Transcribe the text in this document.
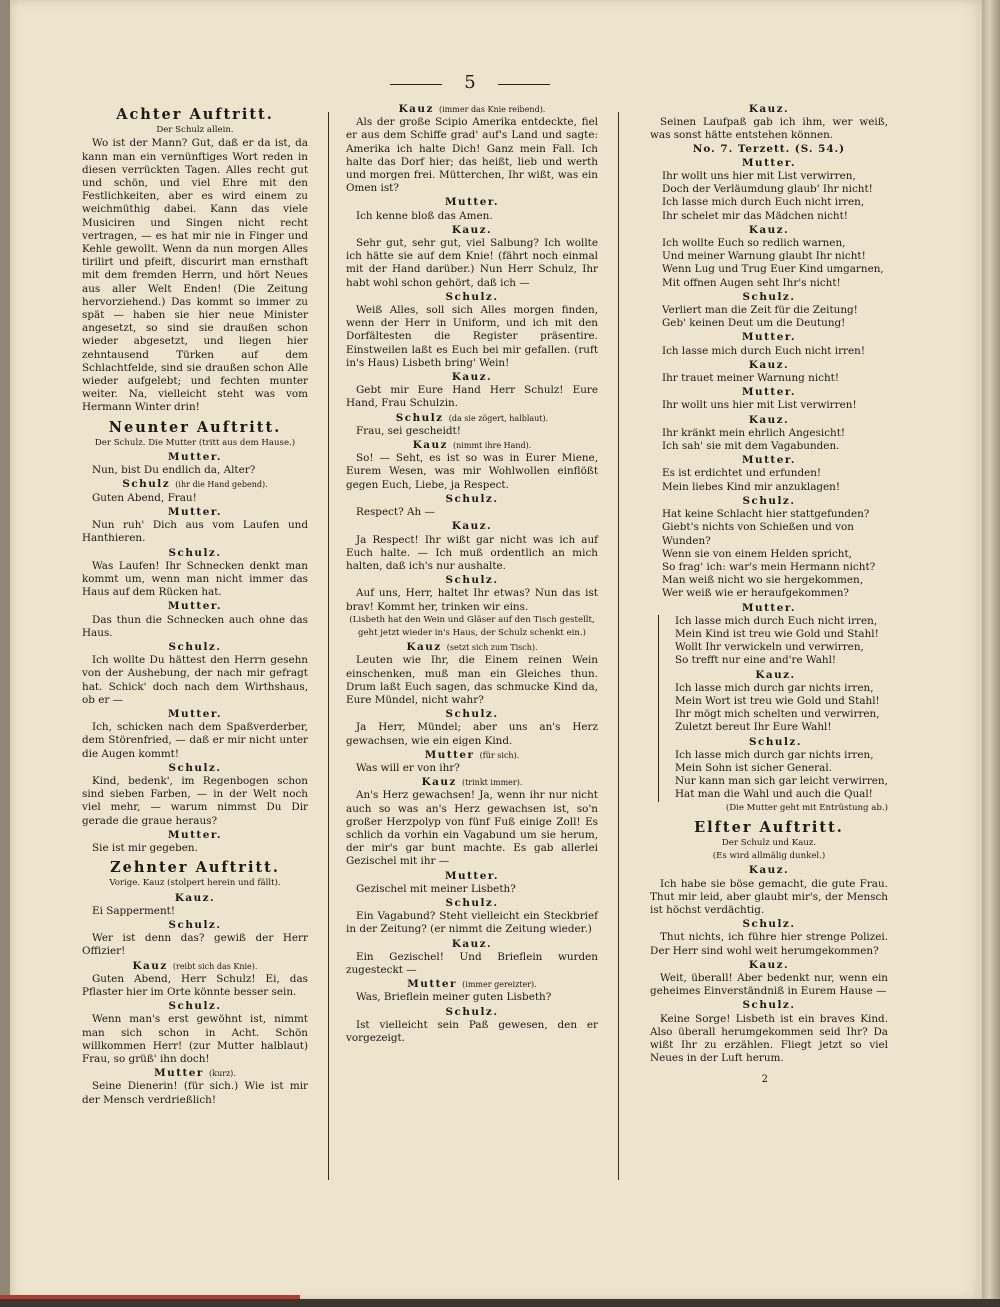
5
Achter Auftritt.
Der Schulz allein.
Wo ist der Mann? Gut, daß er da ist, da kann man ein vernünftiges Wort reden in diesen verrückten Tagen. Alles recht gut und schön, und viel Ehre mit den Festlichkeiten, aber es wird einem zu weichmüthig dabei. Kann das viele Musiciren und Singen nicht recht vertragen, — es hat mir nie in Finger und Kehle gewollt. Wenn da nun morgen Alles tirilirt und pfeift, discurirt man ernsthaft mit dem fremden Herrn, und hört Neues aus aller Welt Enden! (Die Zeitung hervorziehend.) Das kommt so immer zu spät — haben sie hier neue Minister angesetzt, so sind sie draußen schon wieder abgesetzt, und liegen hier zehntausend Türken auf dem Schlachtfelde, sind sie draußen schon Alle wieder aufgelebt; und fechten munter weiter. Na, vielleicht steht was vom Hermann Winter drin!
Neunter Auftritt.
Der Schulz. Die Mutter (tritt aus dem Hause.)
Mutter.
Nun, bist Du endlich da, Alter?
Schulz (ihr die Hand gebend).
Guten Abend, Frau!
Mutter.
Nun ruh' Dich aus vom Laufen und Hanthieren.
Schulz.
Was Laufen! Ihr Schnecken denkt man kommt um, wenn man nicht immer das Haus auf dem Rücken hat.
Mutter.
Das thun die Schnecken auch ohne das Haus.
Schulz.
Ich wollte Du hättest den Herrn gesehn von der Aushebung, der nach mir gefragt hat. Schick' doch nach dem Wirthshaus, ob er —
Mutter.
Ich, schicken nach dem Spaßverderber, dem Störenfried, — daß er mir nicht unter die Augen kommt!
Schulz.
Kind, bedenk', im Regenbogen schon sind sieben Farben, — in der Welt noch viel mehr, — warum nimmst Du Dir gerade die graue heraus?
Mutter.
Sie ist mir gegeben.
Zehnter Auftritt.
Vorige. Kauz (stolpert herein und fällt).
Kauz.
Ei Sapperment!
Schulz.
Wer ist denn das? gewiß der Herr Offizier!
Kauz (reibt sich das Knie).
Guten Abend, Herr Schulz! Ei, das Pflaster hier im Orte könnte besser sein.
Schulz.
Wenn man's erst gewöhnt ist, nimmt man sich schon in Acht. Schön willkommen Herr! (zur Mutter halblaut) Frau, so grüß' ihn doch!
Mutter (kurz).
Seine Dienerin! (für sich.) Wie ist mir der Mensch verdrießlich!
Kauz (immer das Knie reibend).
Als der große Scipio Amerika entdeckte, fiel er aus dem Schiffe grad' auf's Land und sagte: Amerika ich halte Dich! Ganz mein Fall. Ich halte das Dorf hier; das heißt, lieb und werth und morgen frei. Mütterchen, Ihr wißt, was ein Omen ist?
Mutter.
Ich kenne bloß das Amen.
Kauz.
Sehr gut, sehr gut, viel Salbung? Ich wollte ich hätte sie auf dem Knie! (fährt noch einmal mit der Hand darüber.) Nun Herr Schulz, Ihr habt wohl schon gehört, daß ich —
Schulz.
Weiß Alles, soll sich Alles morgen finden, wenn der Herr in Uniform, und ich mit den Dorfältesten die Register präsentire. Einstweilen laßt es Euch bei mir gefallen. (ruft in's Haus) Lisbeth bring' Wein!
Kauz.
Gebt mir Eure Hand Herr Schulz! Eure Hand, Frau Schulzin.
Schulz (da sie zögert, halblaut).
Frau, sei gescheidt!
Kauz (nimmt ihre Hand).
So! — Seht, es ist so was in Eurer Miene, Eurem Wesen, was mir Wohlwollen einflößt gegen Euch, Liebe, ja Respect.
Schulz.
Respect? Ah —
Kauz.
Ja Respect! Ihr wißt gar nicht was ich auf Euch halte. — Ich muß ordentlich an mich halten, daß ich's nur aushalte.
Schulz.
Auf uns, Herr, haltet Ihr etwas? Nun das ist brav! Kommt her, trinken wir eins.
(Lisbeth hat den Wein und Gläser auf den Tisch gestellt, geht jetzt wieder in's Haus, der Schulz schenkt ein.)
Kauz (setzt sich zum Tisch).
Leuten wie Ihr, die Einem reinen Wein einschenken, muß man ein Gleiches thun. Drum laßt Euch sagen, das schmucke Kind da, Eure Mündel, nicht wahr?
Schulz.
Ja Herr, Mündel; aber uns an's Herz gewachsen, wie ein eigen Kind.
Mutter (für sich).
Was will er von ihr?
Kauz (trinkt immer).
An's Herz gewachsen! Ja, wenn ihr nur nicht auch so was an's Herz gewachsen ist, so'n großer Herzpolyp von fünf Fuß einige Zoll! Es schlich da vorhin ein Vagabund um sie herum, der mir's gar bunt machte. Es gab allerlei Gezischel mit ihr —
Mutter.
Gezischel mit meiner Lisbeth?
Schulz.
Ein Vagabund? Steht vielleicht ein Steckbrief in der Zeitung? (er nimmt die Zeitung wieder.)
Kauz.
Ein Gezischel! Und Brieflein wurden zugesteckt —
Mutter (immer gereizter).
Was, Brieflein meiner guten Lisbeth?
Schulz.
Ist vielleicht sein Paß gewesen, den er vorgezeigt.
Kauz.
Seinen Laufpaß gab ich ihm, wer weiß, was sonst hätte entstehen können.
No. 7. Terzett. (S. 54.)
Mutter.
Ihr wollt uns hier mit List verwirren,
Doch der Verläumdung glaub' Ihr nicht!
Ich lasse mich durch Euch nicht irren,
Ihr schelet mir das Mädchen nicht!
Kauz.
Ich wollte Euch so redlich warnen,
Und meiner Warnung glaubt Ihr nicht!
Wenn Lug und Trug Euer Kind umgarnen,
Mit offnen Augen seht Ihr's nicht!
Schulz.
Verliert man die Zeit für die Zeitung!
Geb' keinen Deut um die Deutung!
Mutter.
Ich lasse mich durch Euch nicht irren!
Kauz.
Ihr trauet meiner Warnung nicht!
Mutter.
Ihr wollt uns hier mit List verwirren!
Kauz.
Ihr kränkt mein ehrlich Angesicht!
Ich sah' sie mit dem Vagabunden.
Mutter.
Es ist erdichtet und erfunden!
Mein liebes Kind mir anzuklagen!
Schulz.
Hat keine Schlacht hier stattgefunden?
Giebt's nichts von Schießen und von Wunden?
Wenn sie von einem Helden spricht,
So frag' ich: war's mein Hermann nicht?
Man weiß nicht wo sie hergekommen,
Wer weiß wie er heraufgekommen?
Mutter.
Ich lasse mich durch Euch nicht irren,
Mein Kind ist treu wie Gold und Stahl!
Wollt Ihr verwickeln und verwirren,
So trefft nur eine and're Wahl!
Kauz.
Ich lasse mich durch gar nichts irren,
Mein Wort ist treu wie Gold und Stahl!
Ihr mögt mich schelten und verwirren,
Zuletzt bereut Ihr Eure Wahl!
Schulz.
Ich lasse mich durch gar nichts irren,
Mein Sohn ist sicher General.
Nur kann man sich gar leicht verwirren,
Hat man die Wahl und auch die Qual!
(Die Mutter geht mit Entrüstung ab.)
Elfter Auftritt.
Der Schulz und Kauz.
(Es wird allmälig dunkel.)
Kauz.
Ich habe sie böse gemacht, die gute Frau. Thut mir leid, aber glaubt mir's, der Mensch ist höchst verdächtig.
Schulz.
Thut nichts, ich führe hier strenge Polizei. Der Herr sind wohl weit herumgekommen?
Kauz.
Weit, überall! Aber bedenkt nur, wenn ein geheimes Einverständniß in Eurem Hause —
Schulz.
Keine Sorge! Lisbeth ist ein braves Kind. Also überall herumgekommen seid Ihr? Da wißt Ihr zu erzählen. Fliegt jetzt so viel Neues in der Luft herum.
2
